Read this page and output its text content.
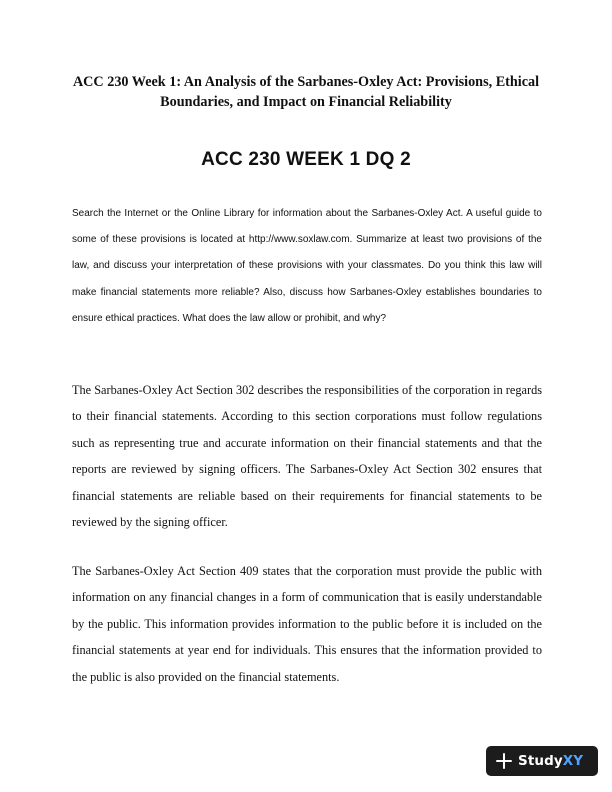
ACC 230 Week 1: An Analysis of the Sarbanes-Oxley Act: Provisions, Ethical Boundaries, and Impact on Financial Reliability
ACC 230 WEEK 1 DQ 2

Search the Internet or the Online Library for information about the Sarbanes-Oxley Act. A useful guide to some of these provisions is located at http://www.soxlaw.com. Summarize at least two provisions of the law, and discuss your interpretation of these provisions with your classmates. Do you think this law will make financial statements more reliable? Also, discuss how Sarbanes-Oxley establishes boundaries to ensure ethical practices. What does the law allow or prohibit, and why?

The Sarbanes-Oxley Act Section 302 describes the responsibilities of the corporation in regards to their financial statements. According to this section corporations must follow regulations such as representing true and accurate information on their financial statements and that the reports are reviewed by signing officers. The Sarbanes-Oxley Act Section 302 ensures that financial statements are reliable based on their requirements for financial statements to be reviewed by the signing officer.

The Sarbanes-Oxley Act Section 409 states that the corporation must provide the public with information on any financial changes in a form of communication that is easily understandable by the public. This information provides information to the public before it is included on the financial statements at year end for individuals. This ensures that the information provided to the public is also provided on the financial statements.

StudyXY
